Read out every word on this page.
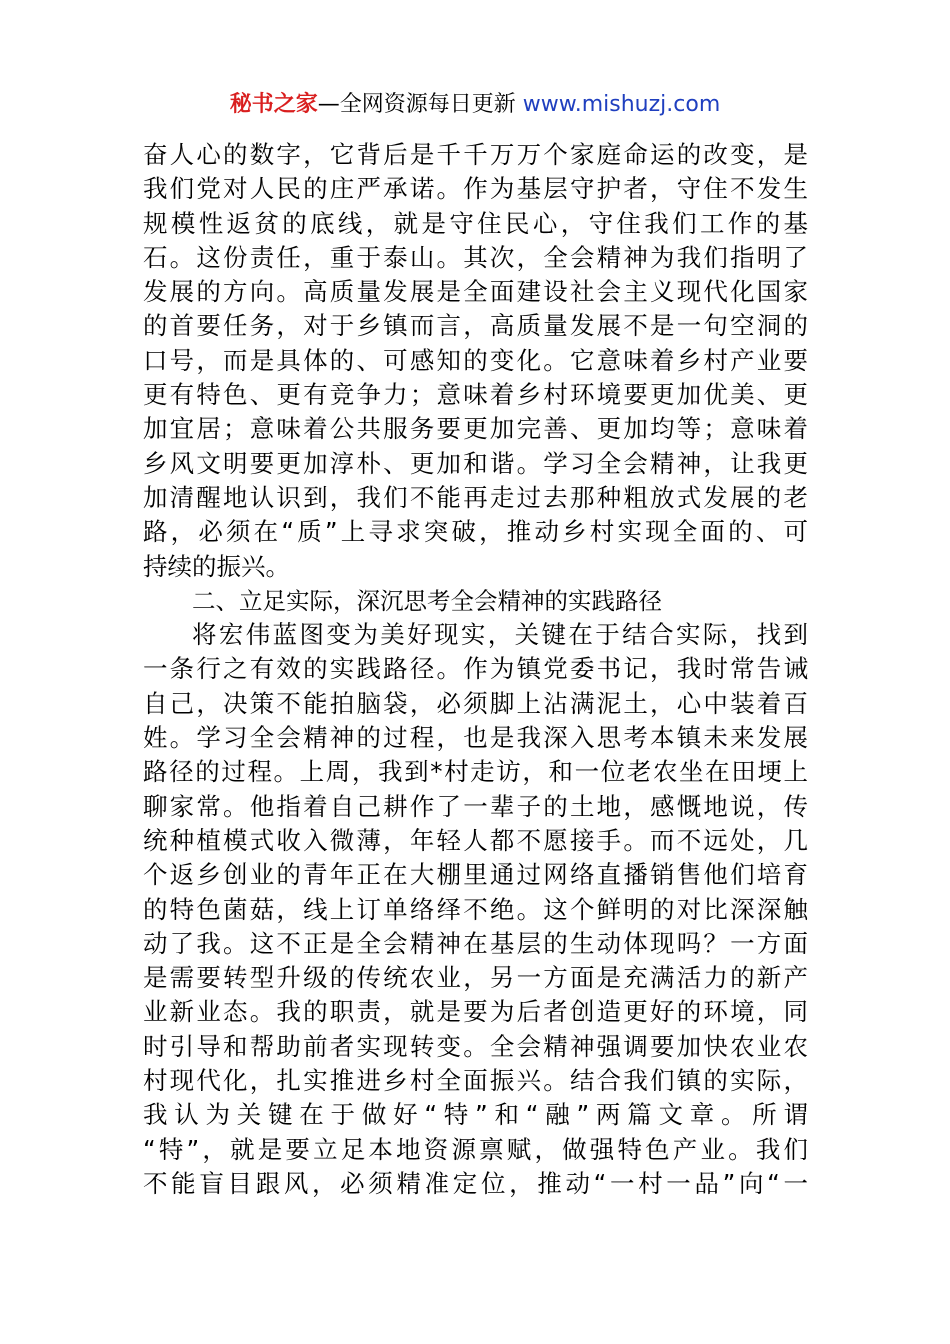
秘书之家—全网资源每日更新 www.mishuzj.com
奋人心的数字，它背后是千千万万个家庭命运的改变，是
我们党对人民的庄严承诺。作为基层守护者，守住不发生
规模性返贫的底线，就是守住民心，守住我们工作的基
石。这份责任，重于泰山。其次，全会精神为我们指明了
发展的方向。高质量发展是全面建设社会主义现代化国家
的首要任务，对于乡镇而言，高质量发展不是一句空洞的
口号，而是具体的、可感知的变化。它意味着乡村产业要
更有特色、更有竞争力；意味着乡村环境要更加优美、更
加宜居；意味着公共服务要更加完善、更加均等；意味着
乡风文明要更加淳朴、更加和谐。学习全会精神，让我更
加清醒地认识到，我们不能再走过去那种粗放式发展的老
路，必须在“质”上寻求突破，推动乡村实现全面的、可
持续的振兴。
二、立足实际，深沉思考全会精神的实践路径
将宏伟蓝图变为美好现实，关键在于结合实际，找到
一条行之有效的实践路径。作为镇党委书记，我时常告诫
自己，决策不能拍脑袋，必须脚上沾满泥土，心中装着百
姓。学习全会精神的过程，也是我深入思考本镇未来发展
路径的过程。上周，我到*村走访，和一位老农坐在田埂上
聊家常。他指着自己耕作了一辈子的土地，感慨地说，传
统种植模式收入微薄，年轻人都不愿接手。而不远处，几
个返乡创业的青年正在大棚里通过网络直播销售他们培育
的特色菌菇，线上订单络绎不绝。这个鲜明的对比深深触
动了我。这不正是全会精神在基层的生动体现吗？一方面
是需要转型升级的传统农业，另一方面是充满活力的新产
业新业态。我的职责，就是要为后者创造更好的环境，同
时引导和帮助前者实现转变。全会精神强调要加快农业农
村现代化，扎实推进乡村全面振兴。结合我们镇的实际，
我认为关键在于做好“特”和“融”两篇文章。所谓
“特”，就是要立足本地资源禀赋，做强特色产业。我们
不能盲目跟风，必须精准定位，推动“一村一品”向“一
